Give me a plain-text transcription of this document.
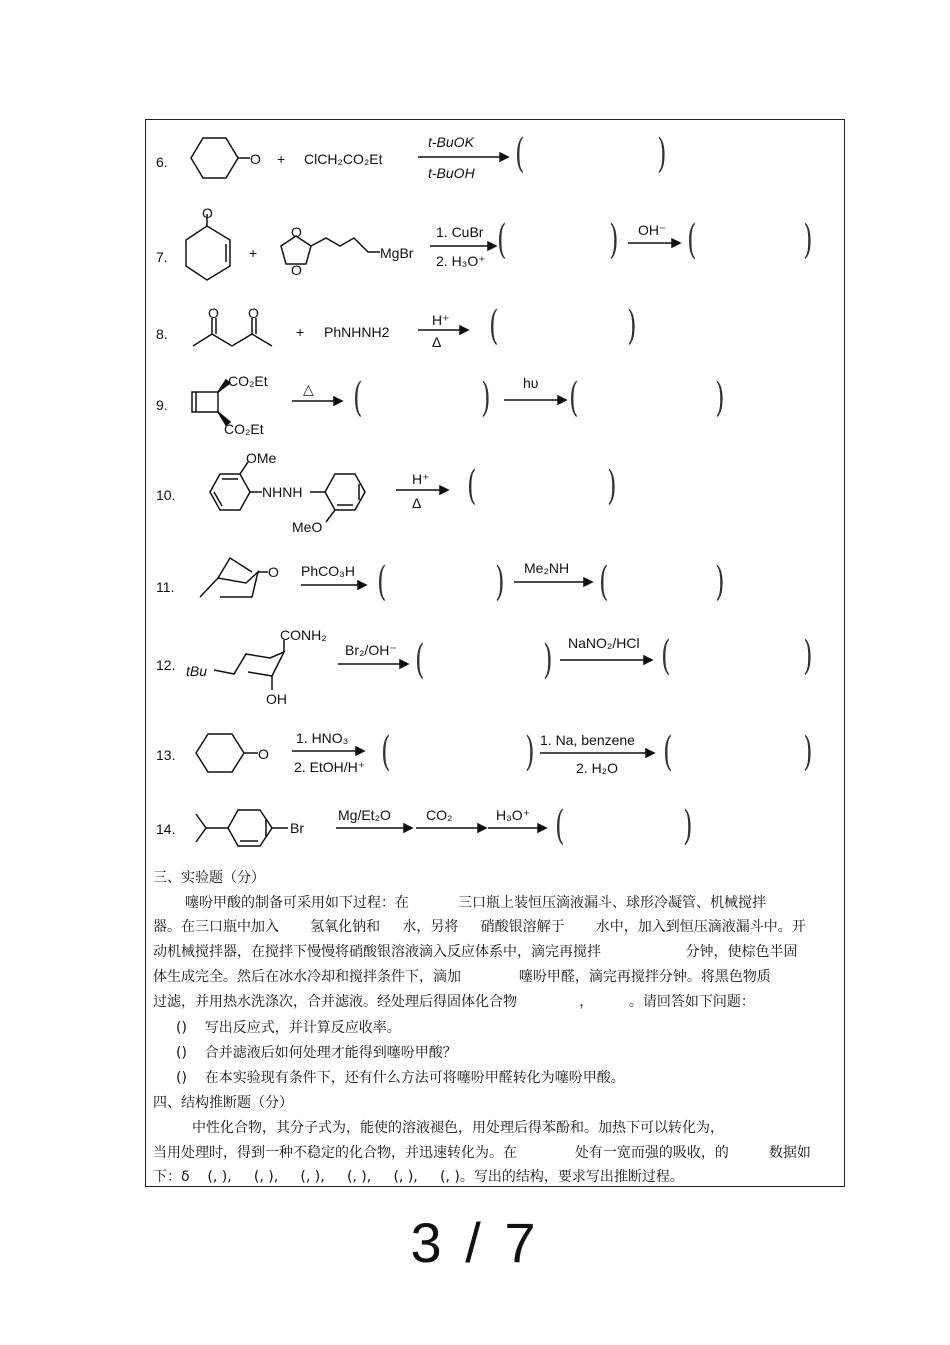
6.	O + ClCH₂CO₂Et
t-BuOK
t-BuOH
7.
O
+
O
O
MgBr
1. CuBr
2. H₃O⁺
OH⁻
8.
O O
+ PhNHNH2
H⁺
Δ
9.
CO₂Et
CO₂Et
△	hυ
10.
OMe
NHNH
MeO
H⁺
Δ
11.
O PhCO₃H	Me₂NH
12. tBu
CONH₂
OH
Br₂/OH⁻	NaNO₂/HCl
13.	O
1. HNO₃
2. EtOH/H⁺
1. Na, benzene
2. H₂O
14.	Br
Mg/Et₂O	CO₂	H₃O⁺
(	)
(	) (	)
(	)
(	) (	)
(	)
(	) (	)
(	)	(	)
(	)	(	)
(	)
三、实验题（分）
噻吩甲酸的制备可采用如下过程：在           三口瓶上装恒压滴液漏斗、球形冷凝管、机械搅拌
器。在三口瓶中加入       氢氧化钠和     水，另将     硝酸银溶解于       水中，加入到恒压滴液漏斗中。开
动机械搅拌器，在搅拌下慢慢将硝酸银溶液滴入反应体系中，滴完再搅拌                   分钟，使棕色半固
体生成完全。然后在冰水冷却和搅拌条件下，滴加             噻吩甲醛，滴完再搅拌分钟。将黑色物质
过滤，并用热水洗涤次，合并滤液。经处理后得固体化合物              ，        。请回答如下问题：
()    写出反应式，并计算反应收率。
()    合并滤液后如何处理才能得到噻吩甲酸？
()    在本实验现有条件下，还有什么方法可将噻吩甲醛转化为噻吩甲酸。
四、结构推断题（分）
中性化合物，其分子式为，能使的溶液褪色，用处理后得苯酚和。加热下可以转化为，
当用处理时，得到一种不稳定的化合物，并迅速转化为。在             处有一宽而强的吸收，的         数据如
下：δ    (, ),     (, ),     (, ),     (, ),     (, ),     (, )。写出的结构，要求写出推断过程。
3 / 7
